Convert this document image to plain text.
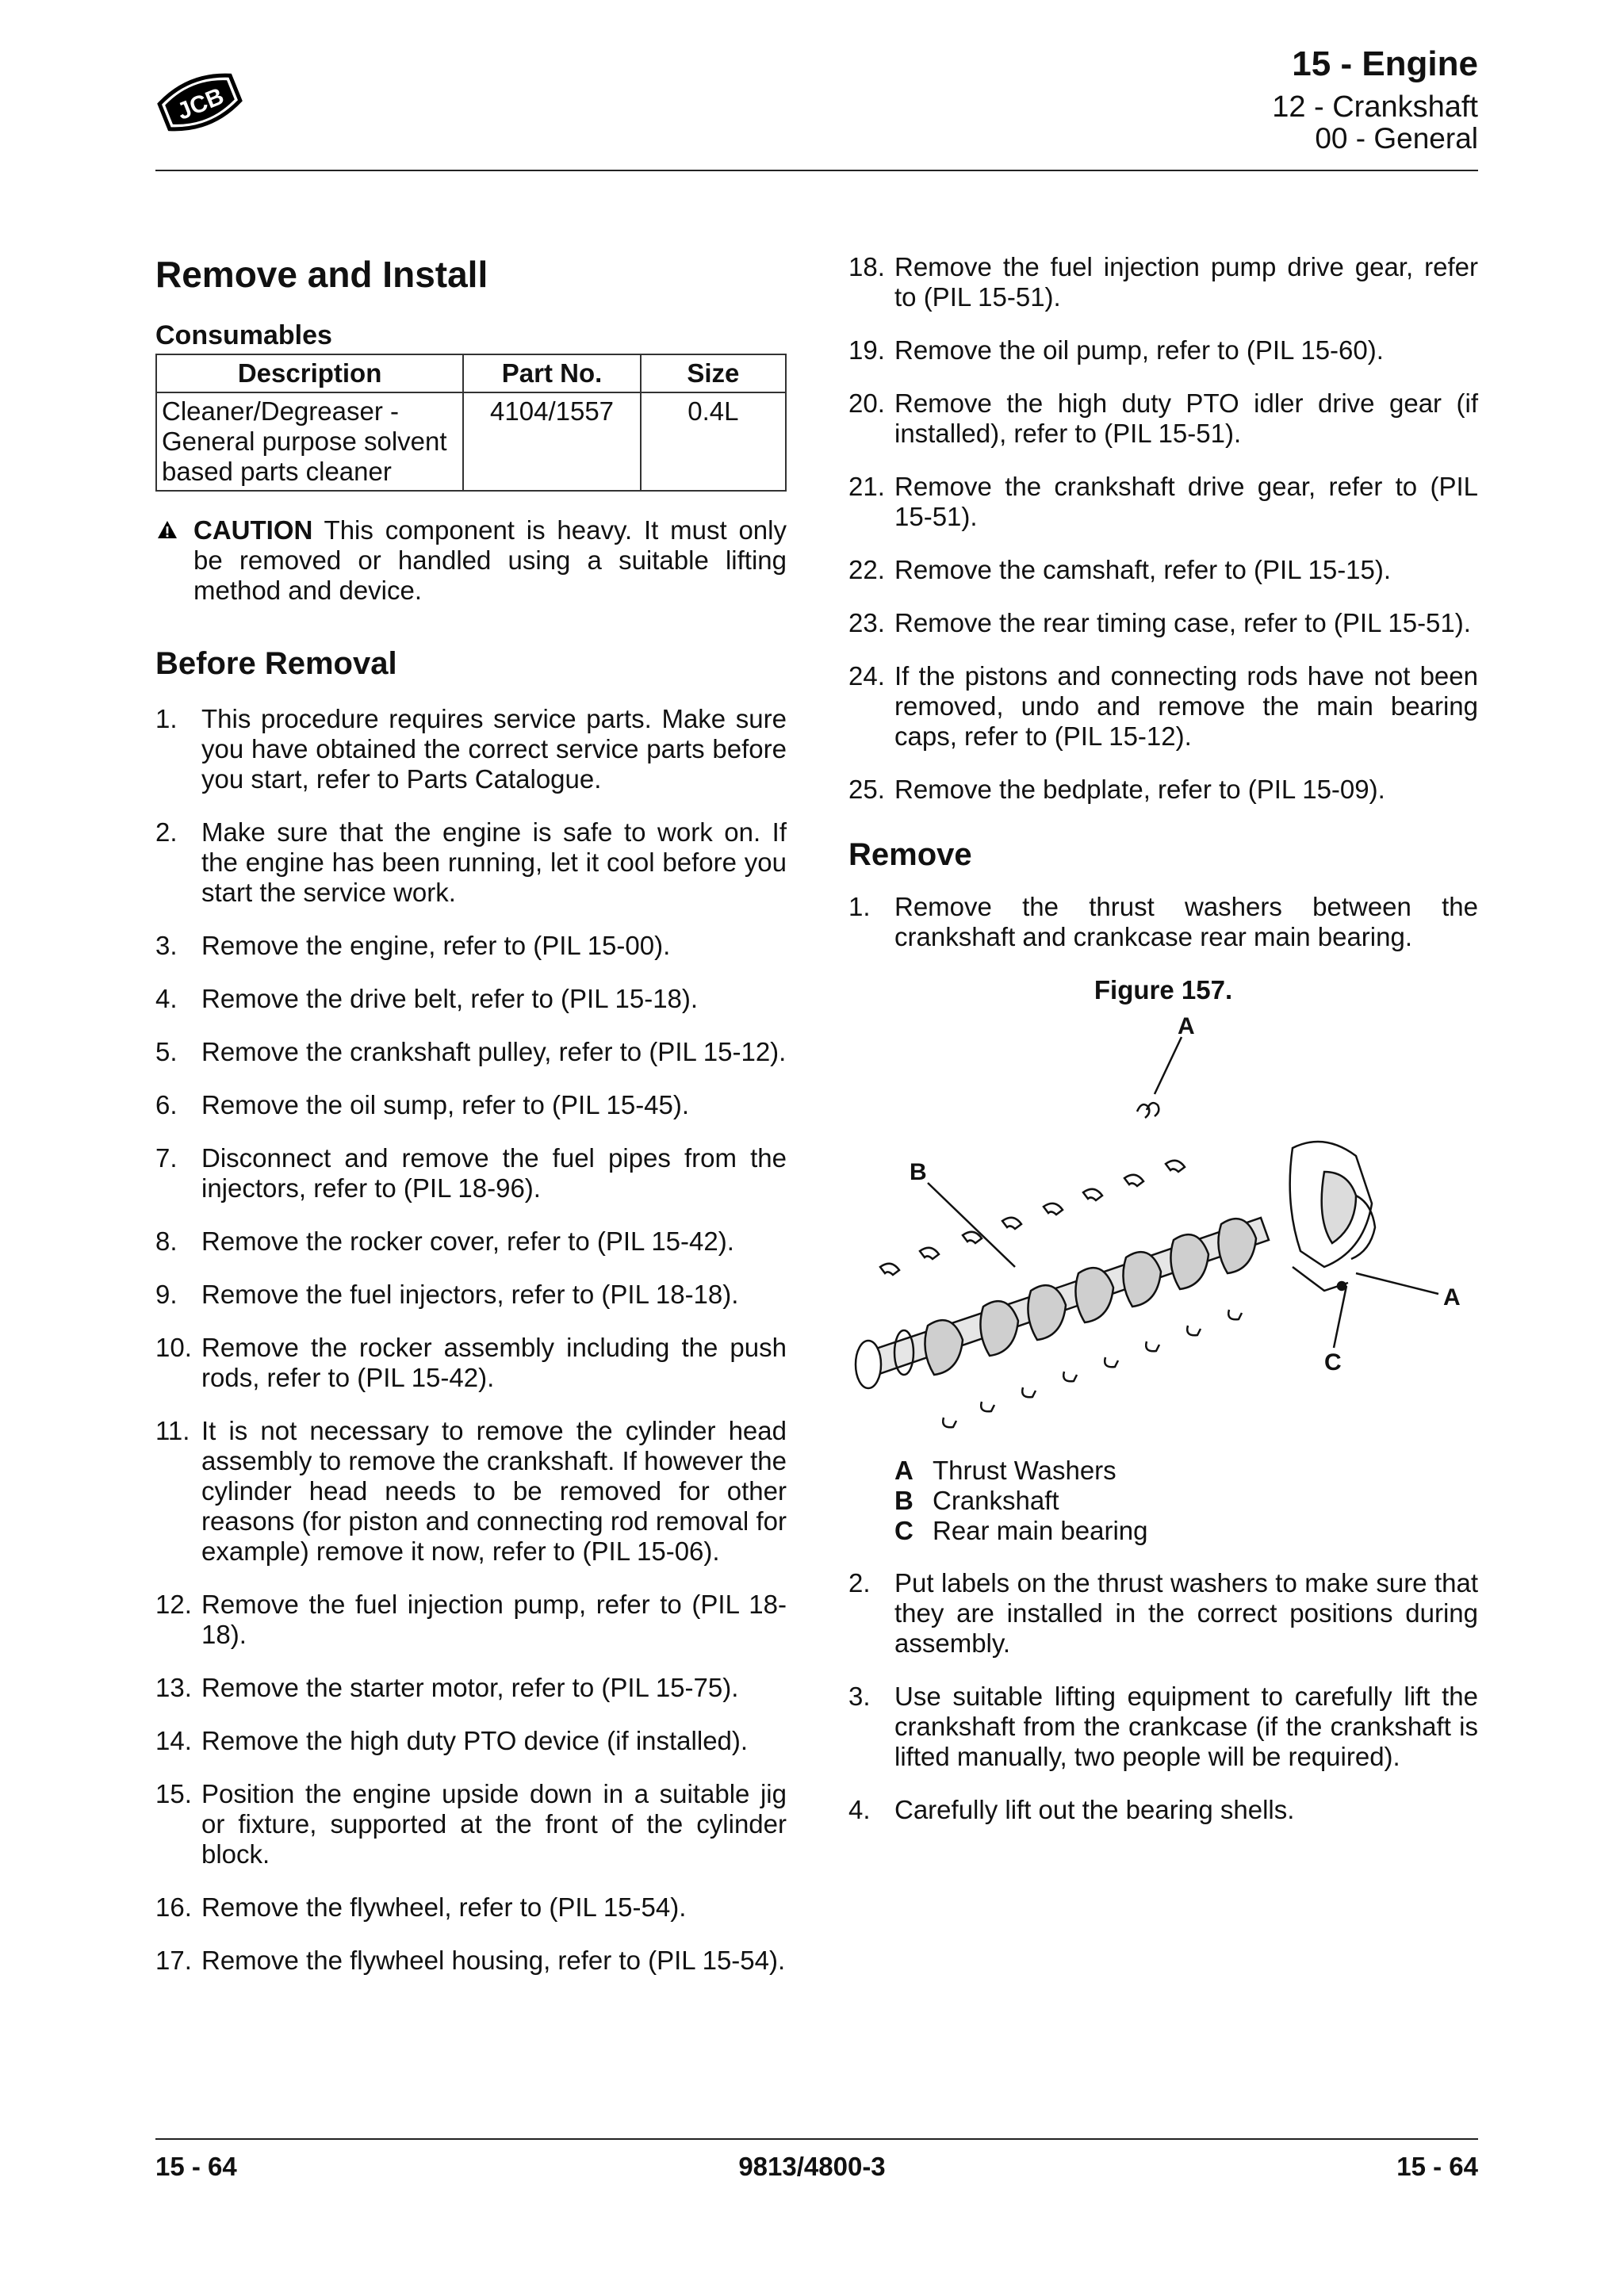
JCB
15 - Engine
12 - Crankshaft
00 - General
Remove and Install
Consumables
Description	Part No.	Size
Cleaner/Degreaser - General purpose solvent based parts cleaner	4104/1557	0.4L
CAUTION This component is heavy. It must only be removed or handled using a suitable lifting method and device.
Before Removal
1. This procedure requires service parts. Make sure you have obtained the correct service parts before you start, refer to Parts Catalogue.
2. Make sure that the engine is safe to work on. If the engine has been running, let it cool before you start the service work.
3. Remove the engine, refer to (PIL 15-00).
4. Remove the drive belt, refer to (PIL 15-18).
5. Remove the crankshaft pulley, refer to (PIL 15-12).
6. Remove the oil sump, refer to (PIL 15-45).
7. Disconnect and remove the fuel pipes from the injectors, refer to (PIL 18-96).
8. Remove the rocker cover, refer to (PIL 15-42).
9. Remove the fuel injectors, refer to (PIL 18-18).
10. Remove the rocker assembly including the push rods, refer to (PIL 15-42).
11. It is not necessary to remove the cylinder head assembly to remove the crankshaft. If however the cylinder head needs to be removed for other reasons (for piston and connecting rod removal for example) remove it now, refer to (PIL 15-06).
12. Remove the fuel injection pump, refer to (PIL 18-18).
13. Remove the starter motor, refer to (PIL 15-75).
14. Remove the high duty PTO device (if installed).
15. Position the engine upside down in a suitable jig or fixture, supported at the front of the cylinder block.
16. Remove the flywheel, refer to (PIL 15-54).
17. Remove the flywheel housing, refer to (PIL 15-54).
18. Remove the fuel injection pump drive gear, refer to (PIL 15-51).
19. Remove the oil pump, refer to (PIL 15-60).
20. Remove the high duty PTO idler drive gear (if installed), refer to (PIL 15-51).
21. Remove the crankshaft drive gear, refer to (PIL 15-51).
22. Remove the camshaft, refer to (PIL 15-15).
23. Remove the rear timing case, refer to (PIL 15-51).
24. If the pistons and connecting rods have not been removed, undo and remove the main bearing caps, refer to (PIL 15-12).
25. Remove the bedplate, refer to (PIL 15-09).
Remove
1. Remove the thrust washers between the crankshaft and crankcase rear main bearing.
Figure 157.
A
B
A
C
A Thrust Washers
B Crankshaft
C Rear main bearing
2. Put labels on the thrust washers to make sure that they are installed in the correct positions during assembly.
3. Use suitable lifting equipment to carefully lift the crankshaft from the crankcase (if the crankshaft is lifted manually, two people will be required).
4. Carefully lift out the bearing shells.
15 - 64	9813/4800-3	15 - 64
